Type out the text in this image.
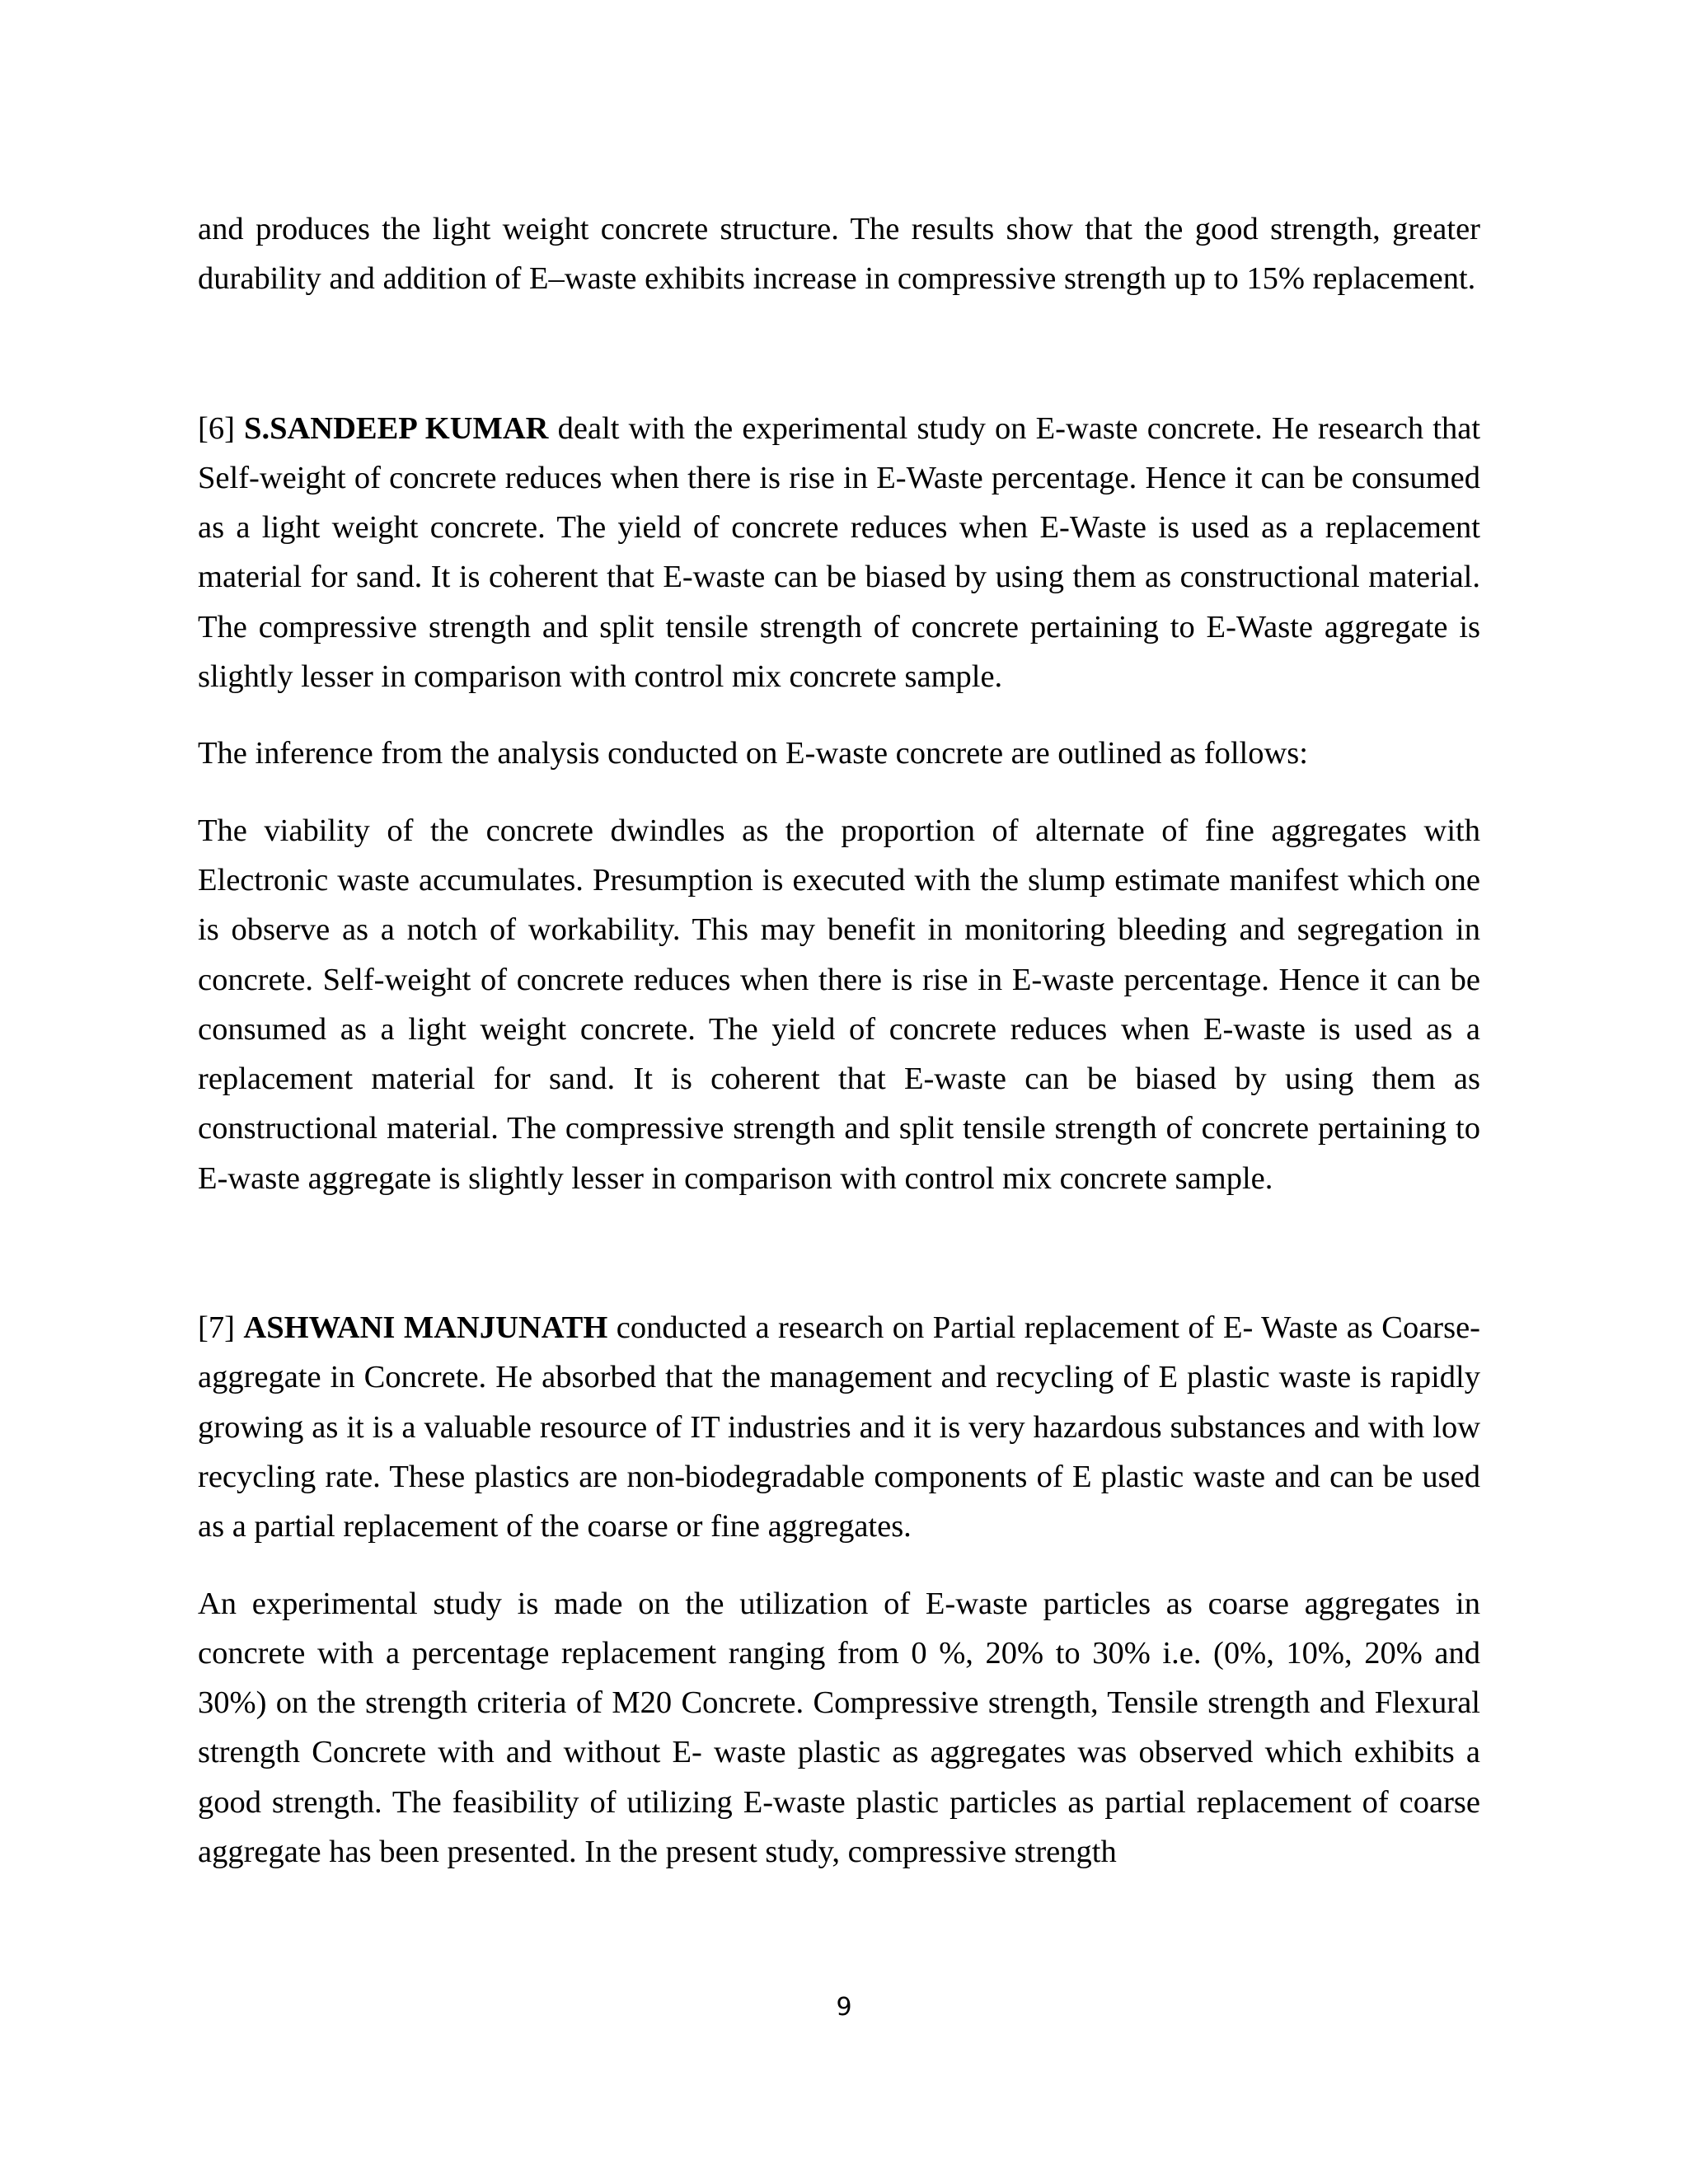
and produces the light weight concrete structure. The results show that the good strength, greater durability and addition of E–waste exhibits increase in compressive strength up to 15% replacement.

[6] S.SANDEEP KUMAR dealt with the experimental study on E-waste concrete. He research that Self-weight of concrete reduces when there is rise in E-Waste percentage. Hence it can be consumed as a light weight concrete. The yield of concrete reduces when E-Waste is used as a replacement material for sand. It is coherent that E-waste can be biased by using them as constructional material. The compressive strength and split tensile strength of concrete pertaining to E-Waste aggregate is slightly lesser in comparison with control mix concrete sample.

The inference from the analysis conducted on E-waste concrete are outlined as follows:

The viability of the concrete dwindles as the proportion of alternate of fine aggregates with Electronic waste accumulates. Presumption is executed with the slump estimate manifest which one is observe as a notch of workability. This may benefit in monitoring bleeding and segregation in concrete. Self-weight of concrete reduces when there is rise in E-waste percentage. Hence it can be consumed as a light weight concrete. The yield of concrete reduces when E-waste is used as a replacement material for sand. It is coherent that E-waste can be biased by using them as constructional material. The compressive strength and split tensile strength of concrete pertaining to E-waste aggregate is slightly lesser in comparison with control mix concrete sample.

[7] ASHWANI MANJUNATH conducted a research on Partial replacement of E- Waste as Coarse-aggregate in Concrete. He absorbed that the management and recycling of E plastic waste is rapidly growing as it is a valuable resource of IT industries and it is very hazardous substances and with low recycling rate. These plastics are non-biodegradable components of E plastic waste and can be used as a partial replacement of the coarse or fine aggregates.

An experimental study is made on the utilization of E-waste particles as coarse aggregates in concrete with a percentage replacement ranging from 0 %, 20% to 30% i.e. (0%, 10%, 20% and 30%) on the strength criteria of M20 Concrete. Compressive strength, Tensile strength and Flexural strength Concrete with and without E- waste plastic as aggregates was observed which exhibits a good strength. The feasibility of utilizing E-waste plastic particles as partial replacement of coarse aggregate has been presented. In the present study, compressive strength

9
